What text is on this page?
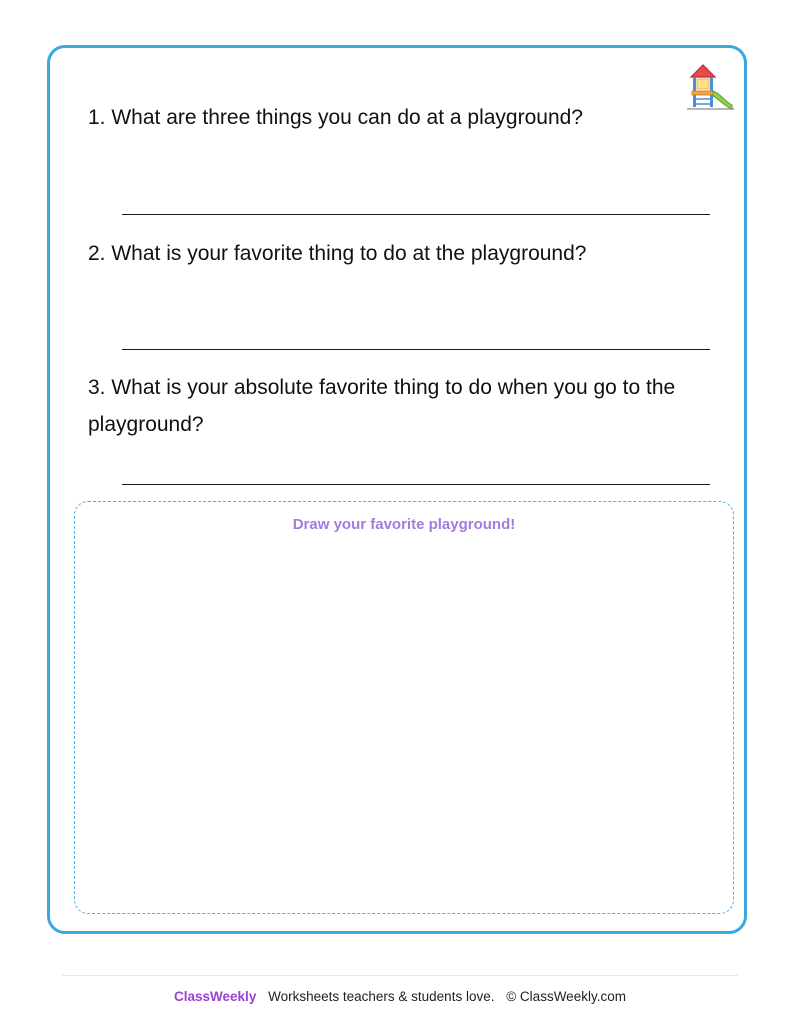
1. What are three things you can do at a playground?
2. What is your favorite thing to do at the playground?
3. What is your absolute favorite thing to do when you go to the playground?
Draw your favorite playground!
ClassWeekly Worksheets teachers & students love. © ClassWeekly.com
